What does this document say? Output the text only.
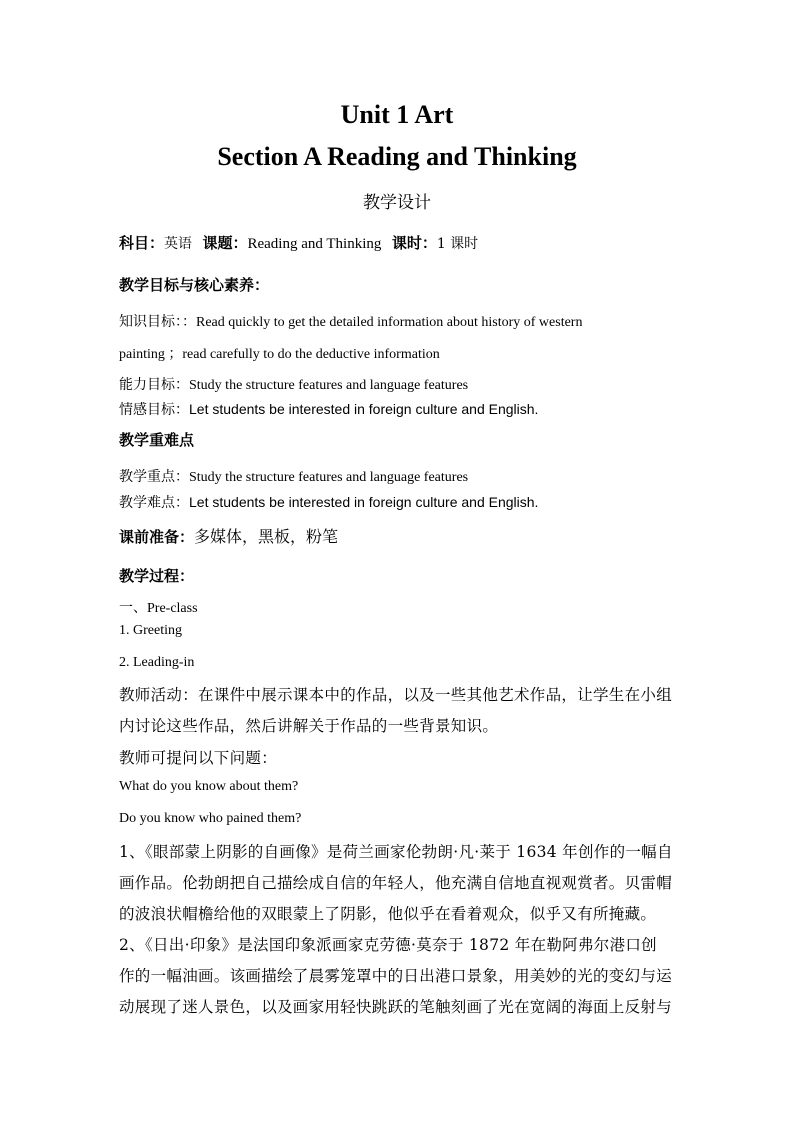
Unit 1 Art
Section A Reading and Thinking
教学设计
科目：英语 课题：Reading and Thinking 课时：1 课时
教学目标与核心素养：
知识目标：：Read quickly to get the detailed information about history of western
painting ；read carefully to do the deductive information
能力目标：Study the structure features and language features
情感目标：Let students be interested in foreign culture and English.
教学重难点
教学重点：Study the structure features and language features
教学难点：Let students be interested in foreign culture and English.
课前准备：多媒体，黑板，粉笔
教学过程：
一、Pre-class
1. Greeting
2. Leading-in
教师活动：在课件中展示课本中的作品，以及一些其他艺术作品，让学生在小组
内讨论这些作品，然后讲解关于作品的一些背景知识。
教师可提问以下问题：
What do you know about them?
Do you know who pained them?
1、《眼部蒙上阴影的自画像》是荷兰画家伦勃朗·凡·莱于 1634 年创作的一幅自
画作品。伦勃朗把自己描绘成自信的年轻人，他充满自信地直视观赏者。贝雷帽
的波浪状帽檐给他的双眼蒙上了阴影，他似乎在看着观众，似乎又有所掩藏。
2、《日出·印象》是法国印象派画家克劳德·莫奈于 1872 年在勒阿弗尔港口创
作的一幅油画。该画描绘了晨雾笼罩中的日出港口景象，用美妙的光的变幻与运
动展现了迷人景色，以及画家用轻快跳跃的笔触刻画了光在宽阔的海面上反射与
